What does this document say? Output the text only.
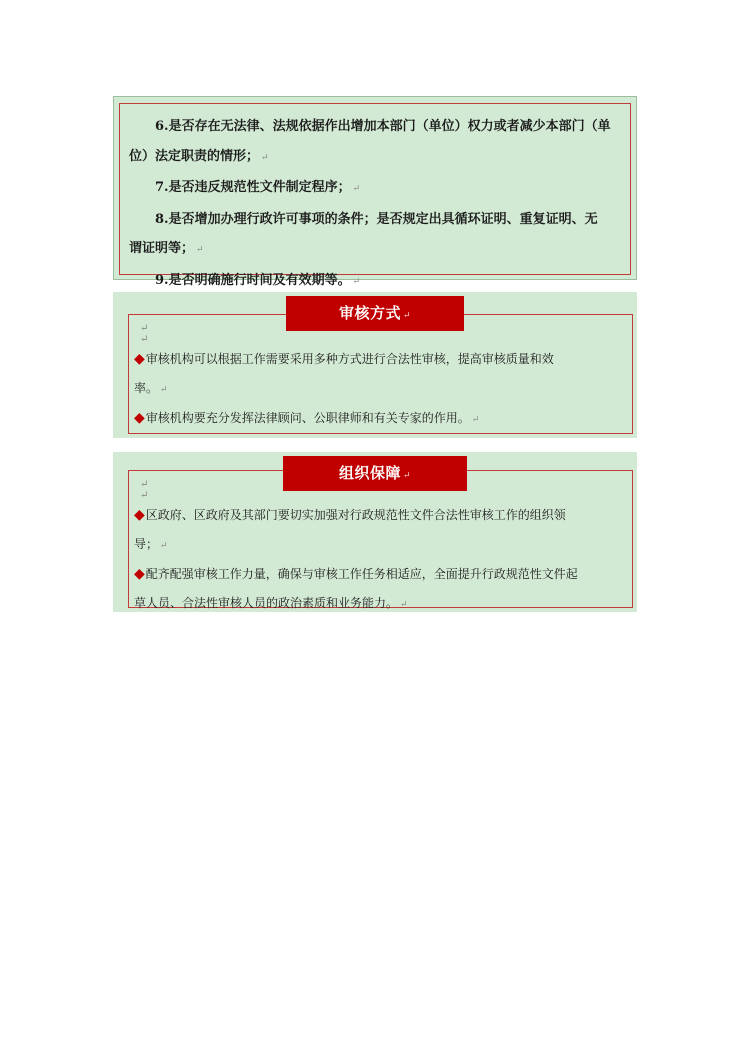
6.是否存在无法律、法规依据作出增加本部门（单位）权力或者减少本部门（单

位）法定职责的情形； ↵

7.是否违反规范性文件制定程序； ↵

8.是否增加办理行政许可事项的条件；是否规定出具循环证明、重复证明、无

谓证明等； ↵

9.是否明确施行时间及有效期等。 ↵

↵
↵

◆审核机构可以根据工作需要采用多种方式进行合法性审核，提高审核质量和效

率。 ↵

◆审核机构要充分发挥法律顾问、公职律师和有关专家的作用。 ↵

审核方式 ↵
↵
↵

◆区政府、区政府及其部门要切实加强对行政规范性文件合法性审核工作的组织领

导； ↵

◆配齐配强审核工作力量，确保与审核工作任务相适应，全面提升行政规范性文件起

草人员、合法性审核人员的政治素质和业务能力。 ↵

组织保障 ↵
